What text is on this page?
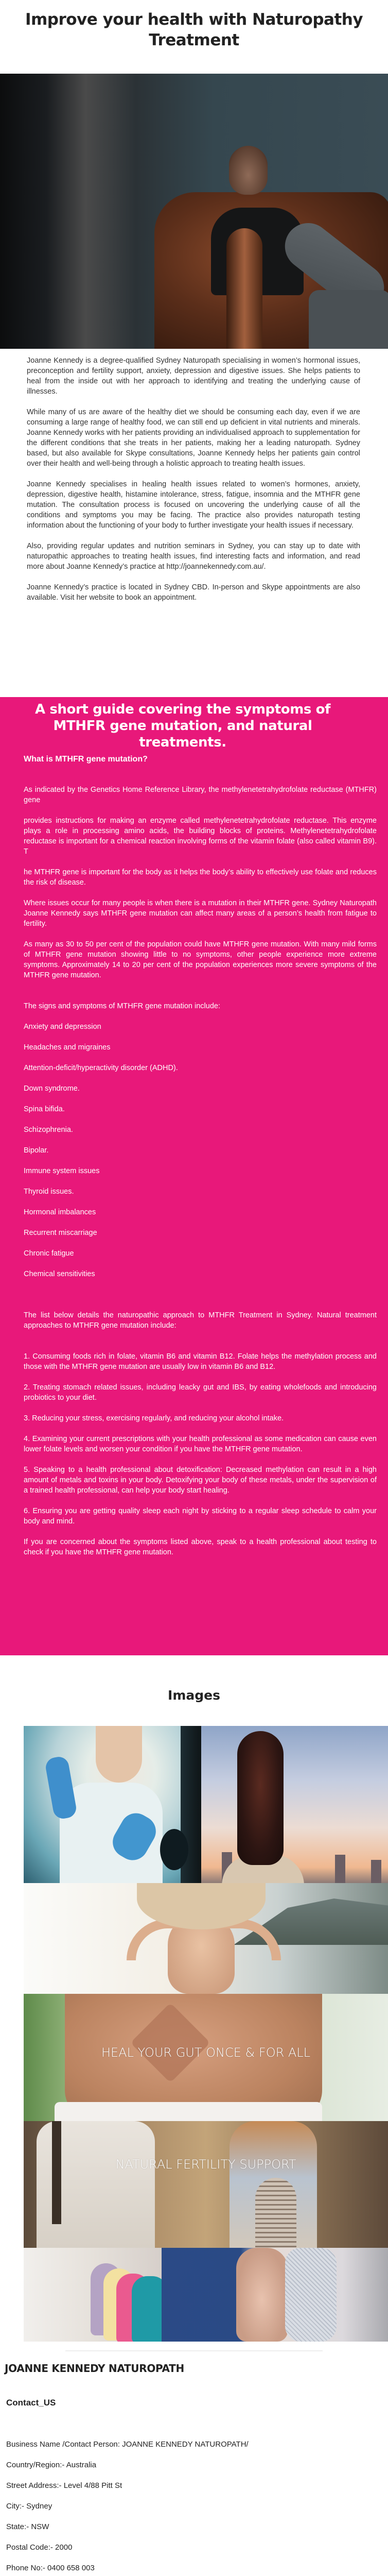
Improve your health with Naturopathy Treatment

Joanne Kennedy is a degree-qualified Sydney Naturopath specialising in women’s hormonal issues, preconception and fertility support, anxiety, depression and digestive issues. She helps patients to heal from the inside out with her approach to identifying and treating the underlying cause of illnesses.

While many of us are aware of the healthy diet we should be consuming each day, even if we are consuming a large range of healthy food, we can still end up deficient in vital nutrients and minerals. Joanne Kennedy works with her patients providing an individualised approach to supplementation for the different conditions that she treats in her patients, making her a leading naturopath. Sydney based, but also available for Skype consultations, Joanne Kennedy helps her patients gain control over their health and well-being through a holistic approach to treating health issues.

Joanne Kennedy specialises in healing health issues related to women’s hormones, anxiety, depression, digestive health, histamine intolerance, stress, fatigue, insomnia and the MTHFR gene mutation. The consultation process is focused on uncovering the underlying cause of all the conditions and symptoms you may be facing. The practice also provides naturopath testing information about the functioning of your body to further investigate your health issues if necessary.

Also, providing regular updates and nutrition seminars in Sydney, you can stay up to date with naturopathic approaches to treating health issues, find interesting facts and information, and read more about Joanne Kennedy’s practice at http://joannekennedy.com.au/.

Joanne Kennedy’s practice is located in Sydney CBD. In-person and Skype appointments are also available. Visit her website to book an appointment.

A short guide covering the symptoms of MTHFR gene mutation, and natural treatments.
What is MTHFR gene mutation?

As indicated by the Genetics Home Reference Library, the methylenetetrahydrofolate reductase (MTHFR) gene

provides instructions for making an enzyme called methylenetetrahydrofolate reductase. This enzyme plays a role in processing amino acids, the building blocks of proteins. Methylenetetrahydrofolate reductase is important for a chemical reaction involving forms of the vitamin folate (also called vitamin B9). T

he MTHFR gene is important for the body as it helps the body’s ability to effectively use folate and reduces the risk of disease.

Where issues occur for many people is when there is a mutation in their MTHFR gene. Sydney Naturopath Joanne Kennedy says MTHFR gene mutation can affect many areas of a person’s health from fatigue to fertility.

As many as 30 to 50 per cent of the population could have MTHFR gene mutation. With many mild forms of MTHFR gene mutation showing little to no symptoms, other people experience more extreme symptoms. Approximately 14 to 20 per cent of the population experiences more severe symptoms of the MTHFR gene mutation.

The signs and symptoms of MTHFR gene mutation include:

Anxiety and depression

Headaches and migraines

Attention-deficit/hyperactivity disorder (ADHD).

Down syndrome.

Spina bifida.

Schizophrenia.

Bipolar.

Immune system issues

Thyroid issues.

Hormonal imbalances

Recurrent miscarriage

Chronic fatigue

Chemical sensitivities

The list below details the naturopathic approach to MTHFR Treatment in Sydney. Natural treatment approaches to MTHFR gene mutation include:

1. Consuming foods rich in folate, vitamin B6 and vitamin B12. Folate helps the methylation process and those with the MTHFR gene mutation are usually low in vitamin B6 and B12.

2. Treating stomach related issues, including leacky gut and IBS, by eating wholefoods and introducing probiotics to your diet.

3. Reducing your stress, exercising regularly, and reducing your alcohol intake.

4. Examining your current prescriptions with your health professional as some medication can cause even lower folate levels and worsen your condition if you have the MTHFR gene mutation.

5. Speaking to a health professional about detoxification: Decreased methylation can result in a high amount of metals and toxins in your body. Detoxifying your body of these metals, under the supervision of a trained health professional, can help your body start healing.

6. Ensuring you are getting quality sleep each night by sticking to a regular sleep schedule to calm your body and mind.

If you are concerned about the symptoms listed above, speak to a health professional about testing to check if you have the MTHFR gene mutation.

Images
HEAL YOUR GUT ONCE & FOR ALL
NATURAL FERTILITY SUPPORT
JOANNE KENNEDY NATUROPATH
Contact_US
Business Name /Contact Person: JOANNE KENNEDY NATUROPATH/
Country/Region:- Australia
Street Address:- Level 4/88 Pitt St
City:- Sydney
State:- NSW
Postal Code:- 2000
Phone No:- 0400 658 003
